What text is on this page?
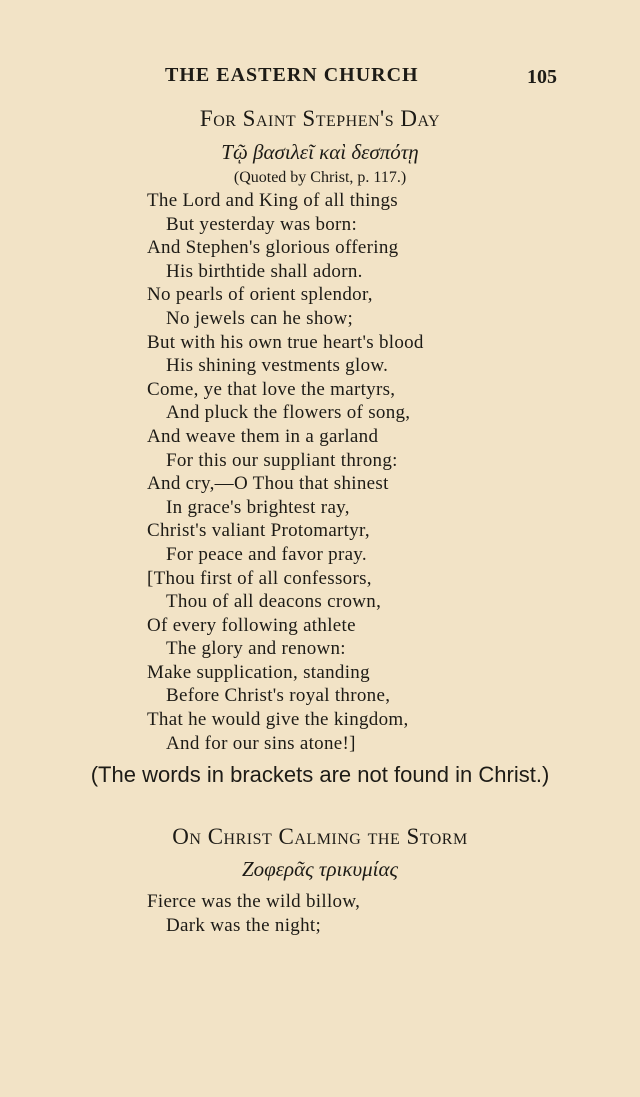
THE EASTERN CHURCH	105
For Saint Stephen's Day
Τῷ βασιλεῖ καὶ δεσπότῃ
(Quoted by Christ, p. 117.)
The Lord and King of all things
But yesterday was born:
And Stephen's glorious offering
His birthtide shall adorn.
No pearls of orient splendor,
No jewels can he show;
But with his own true heart's blood
His shining vestments glow.
Come, ye that love the martyrs,
And pluck the flowers of song,
And weave them in a garland
For this our suppliant throng:
And cry,—O Thou that shinest
In grace's brightest ray,
Christ's valiant Protomartyr,
For peace and favor pray.
[Thou first of all confessors,
Thou of all deacons crown,
Of every following athlete
The glory and renown:
Make supplication, standing
Before Christ's royal throne,
That he would give the kingdom,
And for our sins atone!]
(The words in brackets are not found in Christ.)
On Christ Calming the Storm
Ζοφερᾶς τρικυμίας
Fierce was the wild billow,
Dark was the night;
